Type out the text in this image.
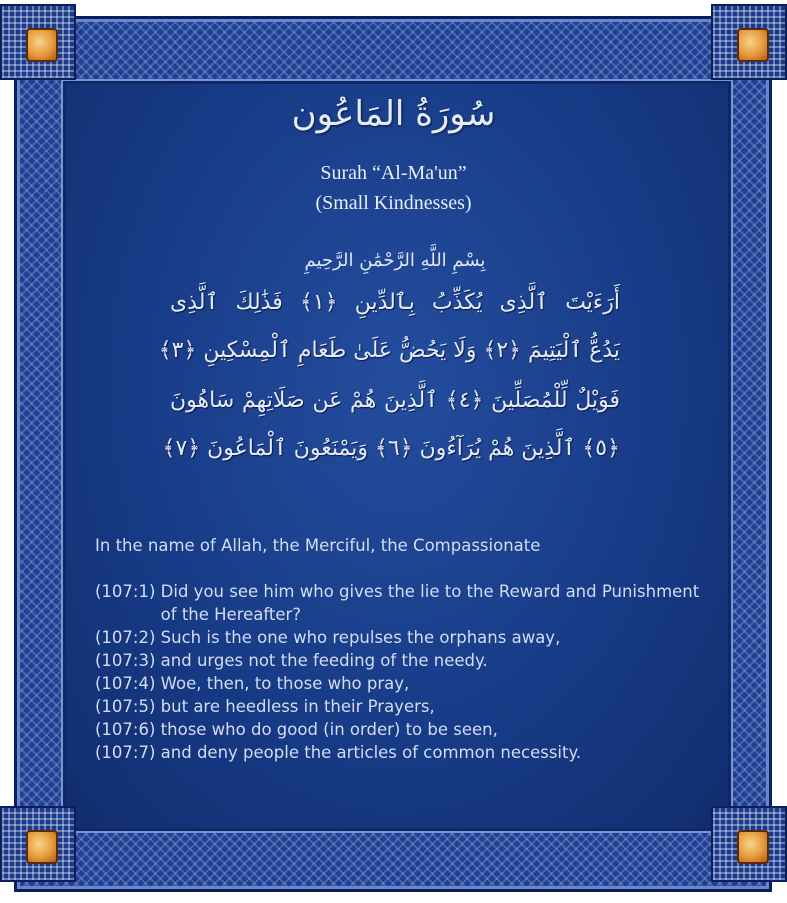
سُورَةُ المَاعُون
Surah “Al-Ma'un”
(Small Kindnesses)
بِسْمِ اللَّهِ الرَّحْمَٰنِ الرَّحِيمِ
أَرَءَيْتَ ٱلَّذِى يُكَذِّبُ بِٱلدِّينِ ﴿١﴾ فَذَٰلِكَ ٱلَّذِى
يَدُعُّ ٱلْيَتِيمَ ﴿٢﴾ وَلَا يَحُضُّ عَلَىٰ طَعَامِ ٱلْمِسْكِينِ ﴿٣﴾
فَوَيْلٌ لِّلْمُصَلِّينَ ﴿٤﴾ ٱلَّذِينَ هُمْ عَن صَلَاتِهِمْ سَاهُونَ
﴿٥﴾ ٱلَّذِينَ هُمْ يُرَآءُونَ ﴿٦﴾ وَيَمْنَعُونَ ٱلْمَاعُونَ ﴿٧﴾
In the name of Allah, the Merciful, the Compassionate
(107:1) Did you see him who gives the lie to the Reward and Punishment of the Hereafter?
(107:2) Such is the one who repulses the orphans away,
(107:3) and urges not the feeding of the needy.
(107:4) Woe, then, to those who pray,
(107:5) but are heedless in their Prayers,
(107:6) those who do good (in order) to be seen,
(107:7) and deny people the articles of common necessity.
